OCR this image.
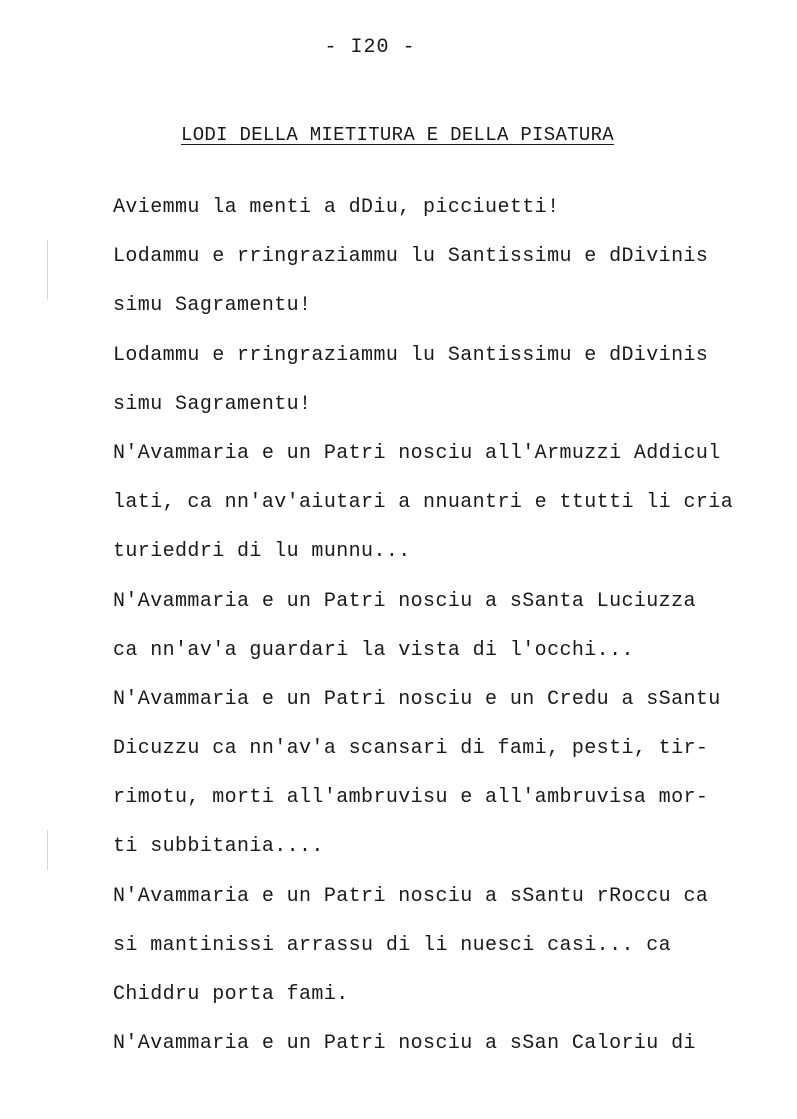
- I20 -
LODI DELLA MIETITURA E DELLA PISATURA
Aviemmu la menti a dDiu, picciuetti!
Lodammu e rringraziammu lu Santissimu e dDivinis
simu Sagramentu!
Lodammu e rringraziammu lu Santissimu e dDivinis
simu Sagramentu!
N'Avammaria e un Patri nosciu all'Armuzzi Addicul
lati, ca nn'av'aiutari a nnuantri e ttutti li cria
turieddri di lu munnu...
N'Avammaria e un Patri nosciu a sSanta Luciuzza
ca nn'av'a guardari la vista di l'occhi...
N'Avammaria e un Patri nosciu e un Credu a sSantu
Dicuzzu ca nn'av'a scansari di fami, pesti, tir-
rimotu, morti all'ambruvisu e all'ambruvisa mor-
ti subbitania....
N'Avammaria e un Patri nosciu a sSantu rRoccu ca
si mantinissi arrassu di li nuesci casi... ca
Chiddru porta fami.
N'Avammaria e un Patri nosciu a sSan Caloriu di
